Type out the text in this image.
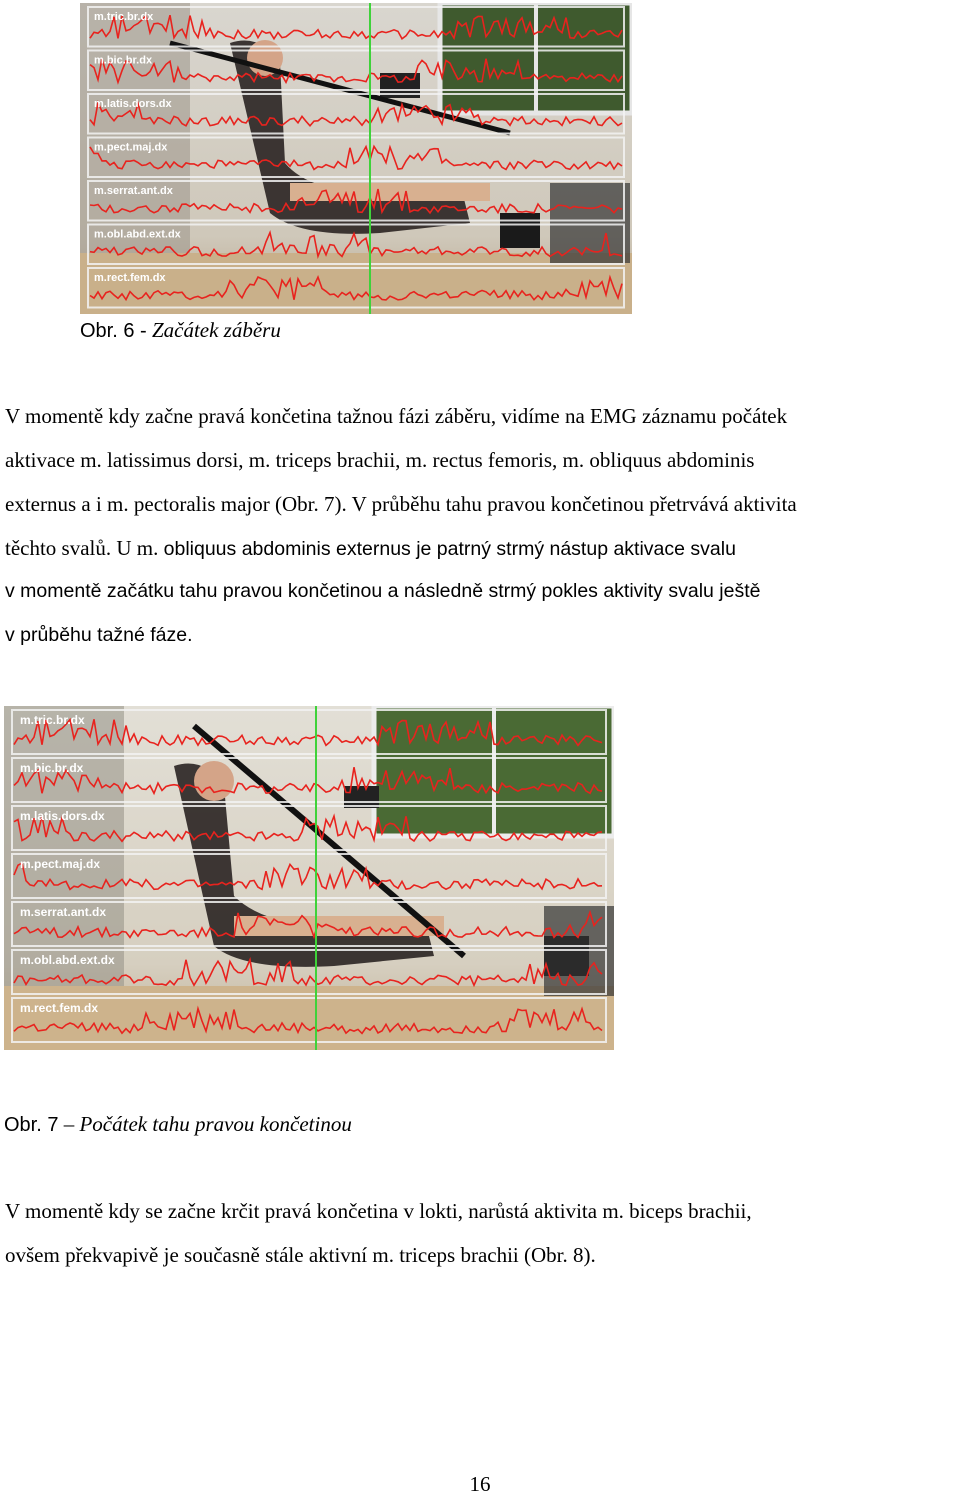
m.tric.br.dx
m.bic.br.dx
m.latis.dors.dx
m.pect.maj.dx
m.serrat.ant.dx
m.obl.abd.ext.dx
m.rect.fem.dx
Obr. 6 - Začátek záběru
V momentě kdy začne pravá končetina tažnou fázi záběru, vidíme na EMG záznamu počátek
aktivace m. latissimus dorsi, m. triceps brachii, m. rectus femoris, m. obliquus abdominis
externus a i m. pectoralis major (Obr. 7). V průběhu tahu pravou končetinou přetrvává aktivita
těchto svalů. U m. obliquus abdominis externus je patrný strmý nástup aktivace svalu
v momentě začátku tahu pravou končetinou a následně strmý pokles aktivity svalu ještě
v průběhu tažné fáze.
m.tric.br.dx
m.bic.br.dx
m.latis.dors.dx
m.pect.maj.dx
m.serrat.ant.dx
m.obl.abd.ext.dx
m.rect.fem.dx
Obr. 7 – Počátek tahu pravou končetinou
V momentě kdy se začne krčit pravá končetina v lokti, narůstá aktivita m. biceps brachii,
ovšem překvapivě je současně stále aktivní m. triceps brachii (Obr. 8).
16
